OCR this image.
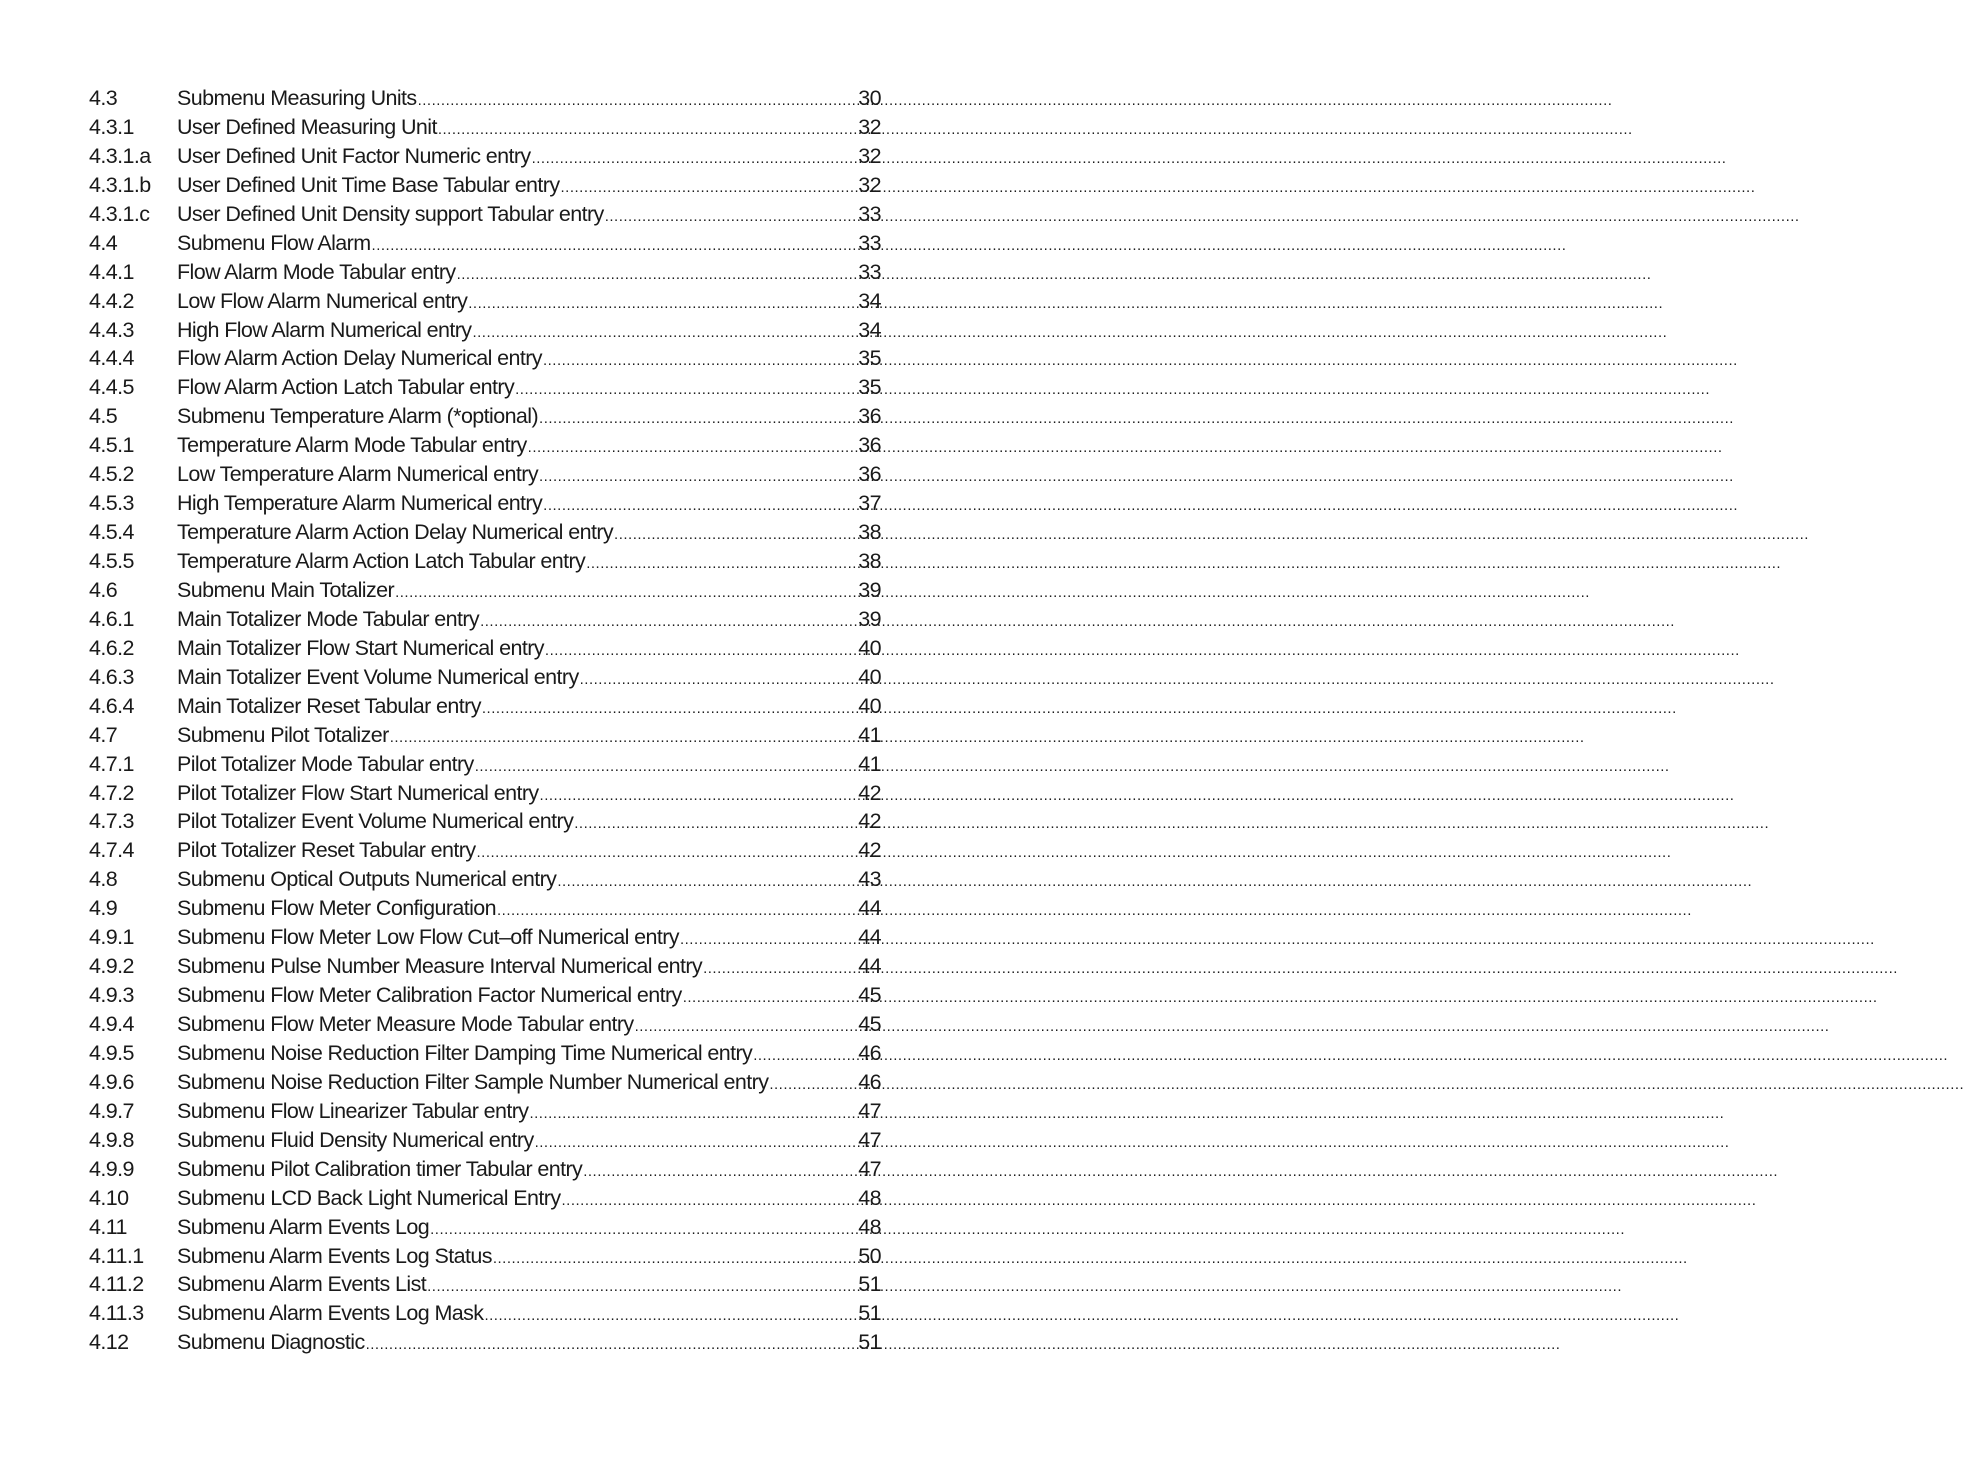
4.3	Submenu Measuring Units .....	30
4.3.1	User Defined Measuring Unit .....	32
4.3.1.a	User Defined Unit Factor Numeric entry .....	32
4.3.1.b	User Defined Unit Time Base Tabular entry .....	32
4.3.1.c	User Defined Unit Density support Tabular entry .....	33
4.4	Submenu Flow Alarm .....	33
4.4.1	Flow Alarm Mode Tabular entry .....	33
4.4.2	Low Flow Alarm Numerical entry .....	34
4.4.3	High Flow Alarm Numerical entry .....	34
4.4.4	Flow Alarm Action Delay Numerical entry .....	35
4.4.5	Flow Alarm Action Latch Tabular entry .....	35
4.5	Submenu Temperature Alarm (*optional) .....	36
4.5.1	Temperature Alarm Mode Tabular entry .....	36
4.5.2	Low Temperature Alarm Numerical entry .....	36
4.5.3	High Temperature Alarm Numerical entry .....	37
4.5.4	Temperature Alarm Action Delay Numerical entry .....	38
4.5.5	Temperature Alarm Action Latch Tabular entry .....	38
4.6	Submenu Main Totalizer .....	39
4.6.1	Main Totalizer Mode Tabular entry .....	39
4.6.2	Main Totalizer Flow Start Numerical entry .....	40
4.6.3	Main Totalizer Event Volume Numerical entry .....	40
4.6.4	Main Totalizer Reset Tabular entry .....	40
4.7	Submenu Pilot Totalizer .....	41
4.7.1	Pilot Totalizer Mode Tabular entry .....	41
4.7.2	Pilot Totalizer Flow Start Numerical entry .....	42
4.7.3	Pilot Totalizer Event Volume Numerical entry .....	42
4.7.4	Pilot Totalizer Reset Tabular entry .....	42
4.8	Submenu Optical Outputs Numerical entry .....	43
4.9	Submenu Flow Meter Configuration .....	44
4.9.1	Submenu Flow Meter Low Flow Cut–off Numerical entry .....	44
4.9.2	Submenu Pulse Number Measure Interval Numerical entry .....	44
4.9.3	Submenu Flow Meter Calibration Factor Numerical entry .....	45
4.9.4	Submenu Flow Meter Measure Mode Tabular entry .....	45
4.9.5	Submenu Noise Reduction Filter Damping Time Numerical entry .....	46
4.9.6	Submenu Noise Reduction Filter Sample Number Numerical entry .....	46
4.9.7	Submenu Flow Linearizer Tabular entry .....	47
4.9.8	Submenu Fluid Density Numerical entry .....	47
4.9.9	Submenu Pilot Calibration timer Tabular entry .....	47
4.10	Submenu LCD Back Light Numerical Entry .....	48
4.11	Submenu Alarm Events Log .....	48
4.11.1	Submenu Alarm Events Log Status .....	50
4.11.2	Submenu Alarm Events List .....	51
4.11.3	Submenu Alarm Events Log Mask .....	51
4.12	Submenu Diagnostic .....	51
